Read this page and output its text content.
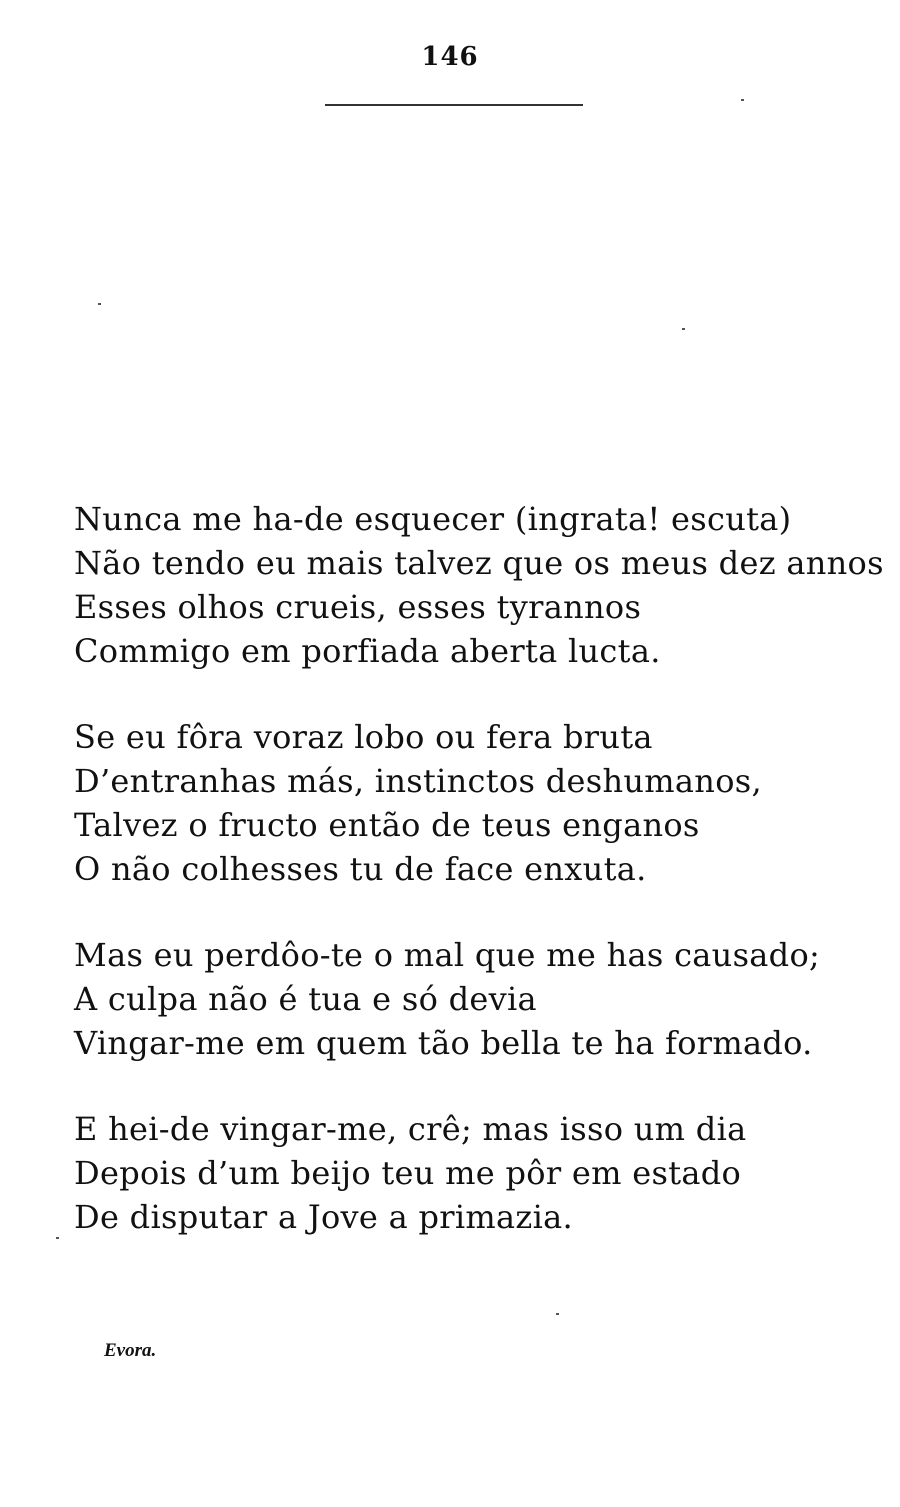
146
Nunca me ha-de esquecer (ingrata! escuta)
Não tendo eu mais talvez que os meus dez annos
Esses olhos crueis, esses tyrannos
Commigo em porfiada aberta lucta.
Se eu fôra voraz lobo ou fera bruta
D’entranhas más, instinctos deshumanos,
Talvez o fructo então de teus enganos
O não colhesses tu de face enxuta.
Mas eu perdôo-te o mal que me has causado;
A culpa não é tua e só devia
Vingar-me em quem tão bella te ha formado.
E hei-de vingar-me, crê; mas isso um dia
Depois d’um beijo teu me pôr em estado
De disputar a Jove a primazia.
Evora.
